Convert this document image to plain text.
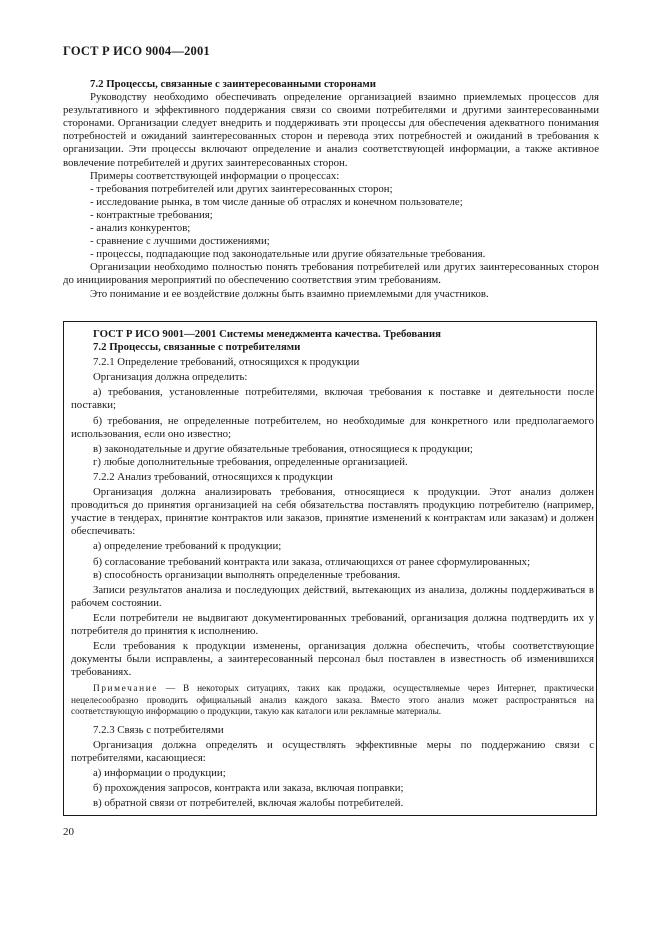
ГОСТ Р ИСО 9004—2001
7.2 Процессы, связанные с заинтересованными сторонами

Руководству необходимо обеспечивать определение организацией взаимно приемлемых процессов для результативного и эффективного поддержания связи со своими потребителями и другими заинтересованными сторонами. Организации следует внедрить и поддерживать эти процессы для обеспечения адекватного понимания потребностей и ожиданий заинтересованных сторон и перевода этих потребностей и ожиданий в требования к организации. Эти процессы включают определение и анализ соответствующей информации, а также активное вовлечение потребителей и других заинтересованных сторон.

Примеры соответствующей информации о процессах:

- требования потребителей или других заинтересованных сторон;

- исследование рынка, в том числе данные об отраслях и конечном пользователе;

- контрактные требования;

- анализ конкурентов;

- сравнение с лучшими достижениями;

- процессы, подпадающие под законодательные или другие обязательные требования.

Организации необходимо полностью понять требования потребителей или других заинтересованных сторон до инициирования мероприятий по обеспечению соответствия этим требованиям.

Это понимание и ее воздействие должны быть взаимно приемлемыми для участников.

ГОСТ Р ИСО 9001—2001 Системы менеджмента качества. Требования
7.2 Процессы, связанные с потребителями

7.2.1 Определение требований, относящихся к продукции

Организация должна определить:

а) требования, установленные потребителями, включая требования к поставке и деятельности после поставки;

б) требования, не определенные потребителем, но необходимые для конкретного или предполагаемого использования, если оно известно;

в) законодательные и другие обязательные требования, относящиеся к продукции;

г) любые дополнительные требования, определенные организацией.

7.2.2 Анализ требований, относящихся к продукции

Организация должна анализировать требования, относящиеся к продукции. Этот анализ должен проводиться до принятия организацией на себя обязательства поставлять продукцию потребителю (например, участие в тендерах, принятие контрактов или заказов, принятие изменений к контрактам или заказам) и должен обеспечивать:

а) определение требований к продукции;

б) согласование требований контракта или заказа, отличающихся от ранее сформулированных;

в) способность организации выполнять определенные требования.

Записи результатов анализа и последующих действий, вытекающих из анализа, должны поддерживаться в рабочем состоянии.

Если потребители не выдвигают документированных требований, организация должна подтвердить их у потребителя до принятия к исполнению.

Если требования к продукции изменены, организация должна обеспечить, чтобы соответствующие документы были исправлены, а заинтересованный персонал был поставлен в известность об изменившихся требованиях.

Примечание — В некоторых ситуациях, таких как продажи, осуществляемые через Интернет, практически нецелесообразно проводить официальный анализ каждого заказа. Вместо этого анализ может распространяться на соответствующую информацию о продукции, такую как каталоги или рекламные материалы.

7.2.3 Связь с потребителями

Организация должна определять и осуществлять эффективные меры по поддержанию связи с потребителями, касающиеся:

а) информации о продукции;

б) прохождения запросов, контракта или заказа, включая поправки;

в) обратной связи от потребителей, включая жалобы потребителей.

20
